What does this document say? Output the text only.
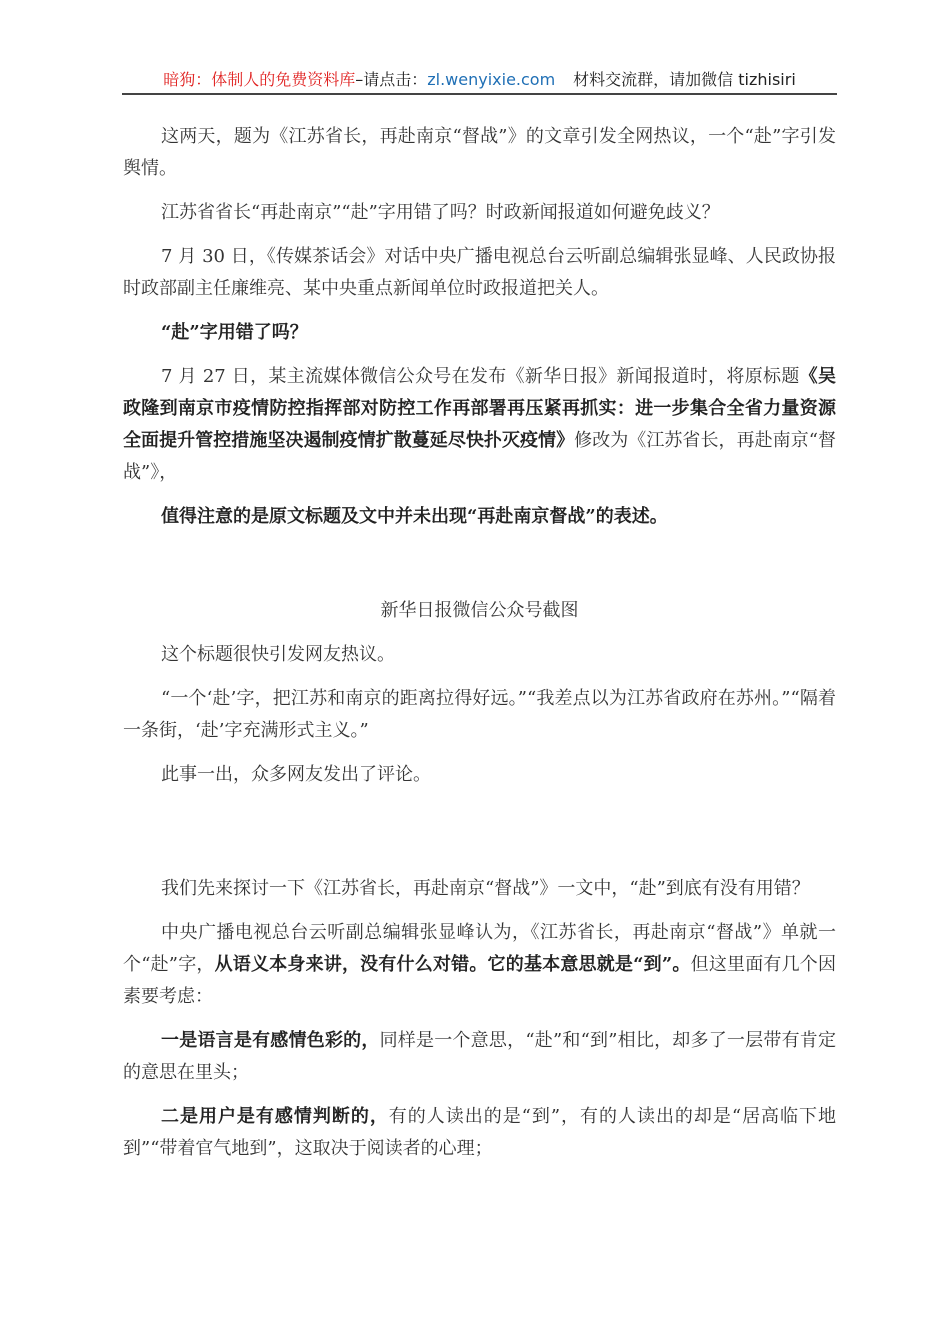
暗狗：体制人的免费资料库–请点击：zl.wenyixie.com 材料交流群，请加微信 tizhisiri

这两天，题为《江苏省长，再赴南京“督战”》的文章引发全网热议，一个“赴”字引发舆情。

江苏省省长“再赴南京”“赴”字用错了吗？时政新闻报道如何避免歧义？

7 月 30 日，《传媒茶话会》对话中央广播电视总台云听副总编辑张显峰、人民政协报时政部副主任廉维亮、某中央重点新闻单位时政报道把关人。

“赴”字用错了吗？

7 月 27 日，某主流媒体微信公众号在发布《新华日报》新闻报道时，将原标题《吴政隆到南京市疫情防控指挥部对防控工作再部署再压紧再抓实：进一步集合全省力量资源全面提升管控措施坚决遏制疫情扩散蔓延尽快扑灭疫情》修改为《江苏省长，再赴南京“督战”》，

值得注意的是原文标题及文中并未出现“再赴南京督战”的表述。

新华日报微信公众号截图

这个标题很快引发网友热议。

“一个‘赴’字，把江苏和南京的距离拉得好远。”“我差点以为江苏省政府在苏州。”“隔着一条街，‘赴’字充满形式主义。”

此事一出，众多网友发出了评论。

我们先来探讨一下《江苏省长，再赴南京“督战”》一文中，“赴”到底有没有用错？

中央广播电视总台云听副总编辑张显峰认为，《江苏省长，再赴南京“督战”》单就一个“赴”字，从语义本身来讲，没有什么对错。它的基本意思就是“到”。但这里面有几个因素要考虑：

一是语言是有感情色彩的，同样是一个意思，“赴”和“到”相比，却多了一层带有肯定的意思在里头；

二是用户是有感情判断的，有的人读出的是“到”，有的人读出的却是“居高临下地到”“带着官气地到”，这取决于阅读者的心理；
